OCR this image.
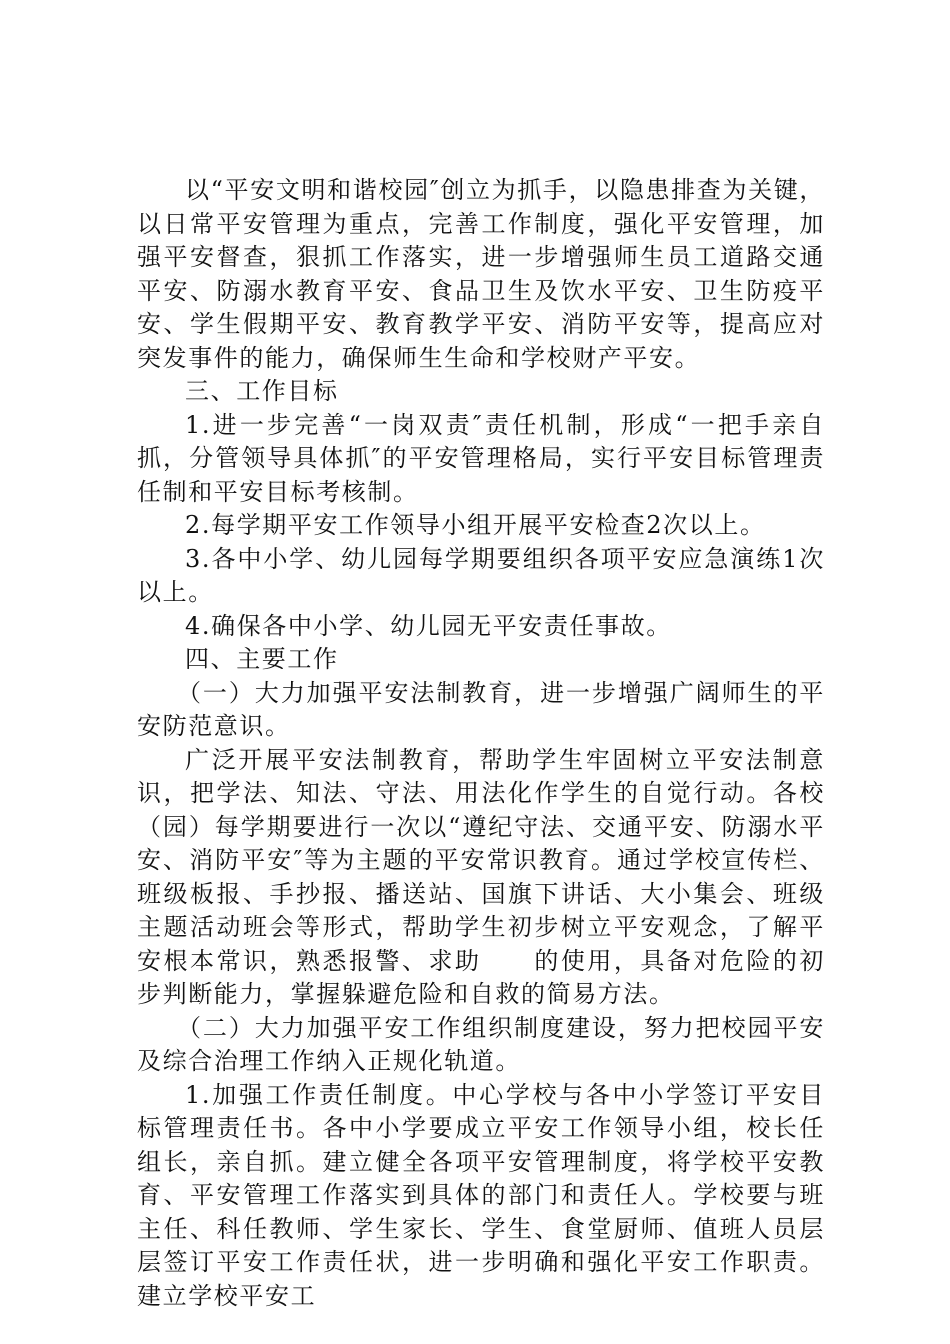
以“平安文明和谐校园″创立为抓手，以隐患排查为关键，以日常平安管理为重点，完善工作制度，强化平安管理，加强平安督查，狠抓工作落实，进一步增强师生员工道路交通平安、防溺水教育平安、食品卫生及饮水平安、卫生防疫平安、学生假期平安、教育教学平安、消防平安等，提高应对突发事件的能力，确保师生生命和学校财产平安。

三、工作目标

1.进一步完善“一岗双责″责任机制，形成“一把手亲自抓，分管领导具体抓″的平安管理格局，实行平安目标管理责任制和平安目标考核制。

2.每学期平安工作领导小组开展平安检查2次以上。

3.各中小学、幼儿园每学期要组织各项平安应急演练1次以上。

4.确保各中小学、幼儿园无平安责任事故。

四、主要工作

（一）大力加强平安法制教育，进一步增强广阔师生的平安防范意识。

广泛开展平安法制教育，帮助学生牢固树立平安法制意识，把学法、知法、守法、用法化作学生的自觉行动。各校（园）每学期要进行一次以“遵纪守法、交通平安、防溺水平安、消防平安″等为主题的平安常识教育。通过学校宣传栏、班级板报、手抄报、播送站、国旗下讲话、大小集会、班级主题活动班会等形式，帮助学生初步树立平安观念，了解平安根本常识，熟悉报警、求助　　的使用，具备对危险的初步判断能力，掌握躲避危险和自救的简易方法。

（二）大力加强平安工作组织制度建设，努力把校园平安及综合治理工作纳入正规化轨道。

1.加强工作责任制度。中心学校与各中小学签订平安目标管理责任书。各中小学要成立平安工作领导小组，校长任组长，亲自抓。建立健全各项平安管理制度，将学校平安教育、平安管理工作落实到具体的部门和责任人。学校要与班主任、科任教师、学生家长、学生、食堂厨师、值班人员层层签订平安工作责任状，进一步明确和强化平安工作职责。建立学校平安工
